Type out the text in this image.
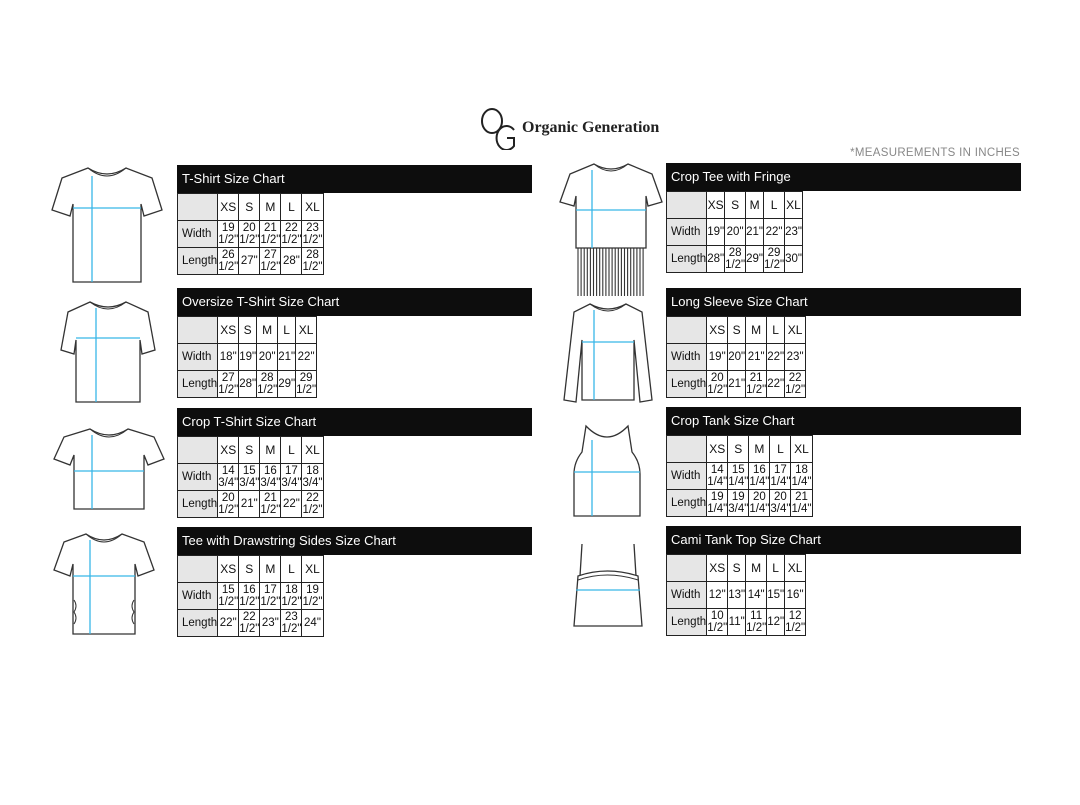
Organic Generation
*MEASUREMENTS IN INCHES
T-Shirt Size Chart
	XS	S	M	L	XL
Width	19 1/2"	20 1/2"	21 1/2"	22 1/2"	23 1/2"
Length	26 1/2"	27"	27 1/2"	28"	28 1/2"
Oversize T-Shirt Size Chart
	XS	S	M	L	XL
Width	18"	19"	20"	21"	22"
Length	27 1/2"	28"	28 1/2"	29"	29 1/2"
Crop T-Shirt Size Chart
	XS	S	M	L	XL
Width	14 3/4"	15 3/4"	16 3/4"	17 3/4"	18 3/4"
Length	20 1/2"	21"	21 1/2"	22"	22 1/2"
Tee with Drawstring Sides Size Chart
	XS	S	M	L	XL
Width	15 1/2"	16 1/2"	17 1/2"	18 1/2"	19 1/2"
Length	22"	22 1/2"	23"	23 1/2"	24"
Crop Tee with Fringe
	XS	S	M	L	XL
Width	19"	20"	21"	22"	23"
Length	28"	28 1/2"	29"	29 1/2"	30"
Long Sleeve Size Chart
	XS	S	M	L	XL
Width	19"	20"	21"	22"	23"
Length	20 1/2"	21"	21 1/2"	22"	22 1/2"
Crop Tank Size Chart
	XS	S	M	L	XL
Width	14 1/4"	15 1/4"	16 1/4"	17 1/4"	18 1/4"
Length	19 1/4"	19 3/4"	20 1/4"	20 3/4"	21 1/4"
Cami Tank Top Size Chart
	XS	S	M	L	XL
Width	12"	13"	14"	15"	16"
Length	10 1/2"	11"	11 1/2"	12"	12 1/2"
